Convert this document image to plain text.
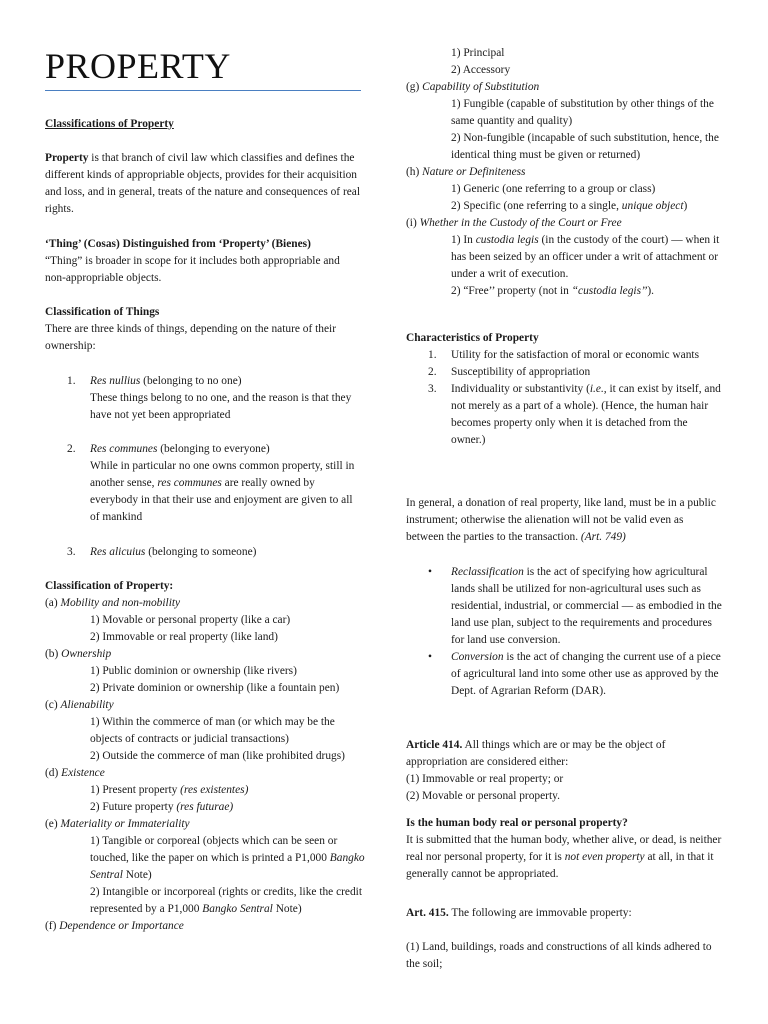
PROPERTY
Classifications of Property

Property is that branch of civil law which classifies and defines the different kinds of appropriable objects, provides for their acquisition and loss, and in general, treats of the nature and consequences of real rights.

‘Thing’ (Cosas) Distinguished from ‘Property’ (Bienes)

“Thing” is broader in scope for it includes both appropriable and non-appropriable objects.

Classification of Things

There are three kinds of things, depending on the nature of their ownership:

1.	Res nullius (belonging to no one)
These things belong to no one, and the reason is that they have not yet been appropriated
2.	Res communes (belonging to everyone)
While in particular no one owns common property, still in another sense, res communes are really owned by everybody in that their use and enjoyment are given to all of mankind
3.	Res alicuius (belonging to someone)

Classification of Property:

(a) Mobility and non-mobility

1) Movable or personal property (like a car)

2) Immovable or real property (like land)

(b) Ownership

1) Public dominion or ownership (like rivers)

2) Private dominion or ownership (like a fountain pen)

(c) Alienability

1) Within the commerce of man (or which may be the objects of contracts or judicial transactions)

2) Outside the commerce of man (like prohibited drugs)

(d) Existence

1) Present property (res existentes)

2) Future property (res futurae)

(e) Materiality or Immateriality

1) Tangible or corporeal (objects which can be seen or touched, like the paper on which is printed a P1,000 Bangko Sentral Note)

2) Intangible or incorporeal (rights or credits, like the credit represented by a P1,000 Bangko Sentral Note)

(f) Dependence or Importance

1) Principal

2) Accessory

(g) Capability of Substitution

1) Fungible (capable of substitution by other things of the same quantity and quality)

2) Non-fungible (incapable of such substitution, hence, the identical thing must be given or returned)

(h) Nature or Definiteness

1) Generic (one referring to a group or class)

2) Specific (one referring to a single, unique object)

(i) Whether in the Custody of the Court or Free

1) In custodia legis (in the custody of the court) — when it has been seized by an officer under a writ of attachment or under a writ of execution.

2) “Free’’ property (not in “custodia legis’’).

Characteristics of Property

1.	Utility for the satisfaction of moral or economic wants
2.	Susceptibility of appropriation
3.	Individuality or substantivity (i.e., it can exist by itself, and not merely as a part of a whole). (Hence, the human hair becomes property only when it is detached from the owner.)

In general, a donation of real property, like land, must be in a public instrument; otherwise the alienation will not be valid even as between the parties to the transaction. (Art. 749)

•	Reclassification is the act of specifying how agricultural lands shall be utilized for non-agricultural uses such as residential, industrial, or commercial — as embodied in the land use plan, subject to the requirements and procedures for land use conversion.
•	Conversion is the act of changing the current use of a piece of agricultural land into some other use as approved by the Dept. of Agrarian Reform (DAR).

Article 414. All things which are or may be the object of appropriation are considered either:

(1) Immovable or real property; or

(2) Movable or personal property.

Is the human body real or personal property?

It is submitted that the human body, whether alive, or dead, is neither real nor personal property, for it is not even property at all, in that it generally cannot be appropriated.

Art. 415. The following are immovable property:

(1) Land, buildings, roads and constructions of all kinds adhered to the soil;
